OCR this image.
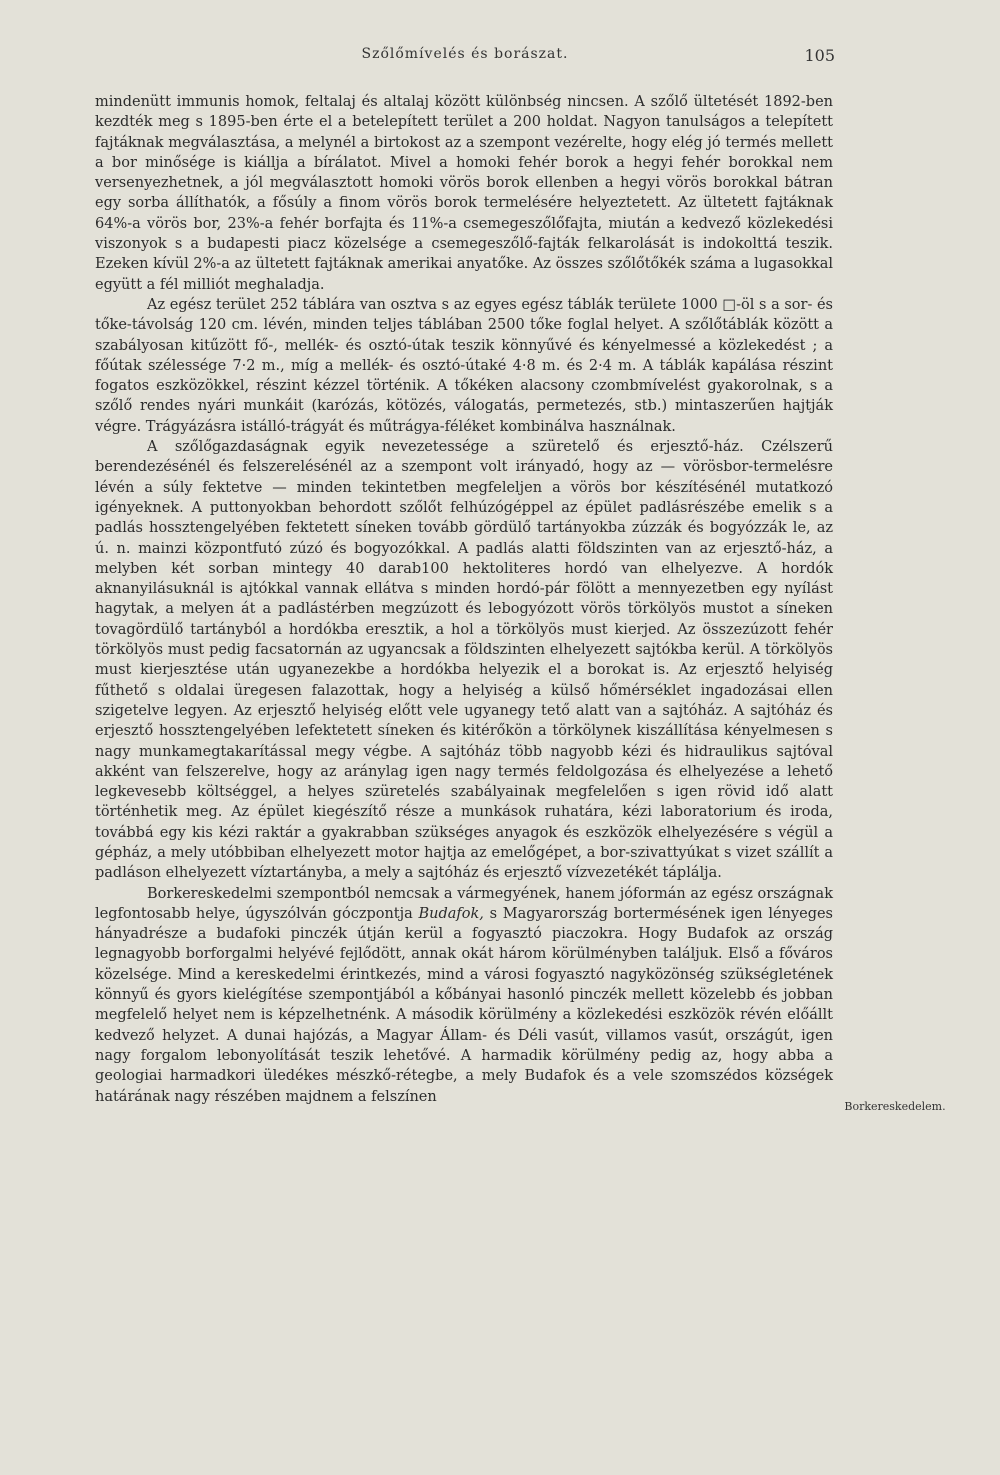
Szőlőmívelés és borászat.	105

mindenütt immunis homok, feltalaj és altalaj között különbség nincsen. A szőlő ültetését 1892-ben kezdték meg s 1895-ben érte el a betelepített terület a 200 holdat. Nagyon tanulságos a telepített fajtáknak megválasztása, a melynél a birtokost az a szempont vezérelte, hogy elég jó termés mellett a bor minősége is kiállja a bírálatot. Mivel a homoki fehér borok a hegyi fehér borokkal nem versenyezhetnek, a jól megválasztott homoki vörös borok ellenben a hegyi vörös borokkal bátran egy sorba állíthatók, a fősúly a finom vörös borok termelésére helyeztetett. Az ültetett fajtáknak 64%-a vörös bor, 23%-a fehér borfajta és 11%-a csemegeszőlőfajta, miután a kedvező közlekedési viszonyok s a budapesti piacz közelsége a csemegeszőlő-fajták felkarolását is indokolttá teszik. Ezeken kívül 2%-a az ültetett fajtáknak amerikai anyatőke. Az összes szőlőtőkék száma a lugasokkal együtt a fél milliót meghaladja.

Az egész terület 252 táblára van osztva s az egyes egész táblák területe 1000 □-öl s a sor- és tőke-távolság 120 cm. lévén, minden teljes táblában 2500 tőke foglal helyet. A szőlőtáblák között a szabályosan kitűzött fő-, mellék- és osztó-útak teszik könnyűvé és kényelmessé a közlekedést ; a főútak szélessége 7·2 m., míg a mellék- és osztó-útaké 4·8 m. és 2·4 m. A táblák kapálása részint fogatos eszközökkel, részint kézzel történik. A tőkéken alacsony czombmívelést gyakorolnak, s a szőlő rendes nyári munkáit (karózás, kötözés, válogatás, permetezés, stb.) mintaszerűen hajtják végre. Trágyázásra istálló-trágyát és műtrágya-féléket kombinálva használnak.

A szőlőgazdaságnak egyik nevezetessége a szüretelő és erjesztő-ház. Czélszerű berendezésénél és felszerelésénél az a szempont volt irányadó, hogy az — vörösbor-termelésre lévén a súly fektetve — minden tekintetben megfeleljen a vörös bor készítésénél mutatkozó igényeknek. A puttonyokban behordott szőlőt felhúzógéppel az épület padlásrészébe emelik s a padlás hossztengelyében fektetett síneken tovább gördülő tartányokba zúzzák és bogyózzák le, az ú. n. mainzi központfutó zúzó és bogyozókkal. A padlás alatti földszinten van az erjesztő-ház, a melyben két sorban mintegy 40 darab100 hektoliteres hordó van elhelyezve. A hordók aknanyilásuknál is ajtókkal vannak ellátva s minden hordó-pár fölött a mennyezetben egy nyílást hagytak, a melyen át a padlástérben megzúzott és lebogyózott vörös törkölyös mustot a síneken tovagördülő tartányból a hordókba eresztik, a hol a törkölyös must kierjed. Az összezúzott fehér törkölyös must pedig facsatornán az ugyancsak a földszinten elhelyezett sajtókba kerül. A törkölyös must kierjesztése után ugyanezekbe a hordókba helyezik el a borokat is. Az erjesztő helyiség fűthető s oldalai üregesen falazottak, hogy a helyiség a külső hőmérséklet ingadozásai ellen szigetelve legyen. Az erjesztő helyiség előtt vele ugyanegy tető alatt van a sajtóház. A sajtóház és erjesztő hossztengelyében lefektetett síneken és kitérőkön a törkölynek kiszállítása kényelmesen s nagy munkamegtakarítással megy végbe. A sajtóház több nagyobb kézi és hidraulikus sajtóval akként van felszerelve, hogy az aránylag igen nagy termés feldolgozása és elhelyezése a lehető legkevesebb költséggel, a helyes szüretelés szabályainak megfelelően s igen rövid idő alatt történhetik meg. Az épület kiegészítő része a munkások ruhatára, kézi laboratorium és iroda, továbbá egy kis kézi raktár a gyakrabban szükséges anyagok és eszközök elhelyezésére s végül a gépház, a mely utóbbiban elhelyezett motor hajtja az emelőgépet, a bor-szivattyúkat s vizet szállít a padláson elhelyezett víztartányba, a mely a sajtóház és erjesztő vízvezetékét táplálja.

Borkereskedelmi szempontból nemcsak a vármegyének, hanem jóformán az egész országnak legfontosabb helye, úgyszólván góczpontja Budafok, s Magyarország bortermésének igen lényeges hányadrésze a budafoki pinczék útján kerül a fogyasztó piaczokra. Hogy Budafok az ország legnagyobb borforgalmi helyévé fejlődött, annak okát három körülményben találjuk. Első a főváros közelsége. Mind a kereskedelmi érintkezés, mind a városi fogyasztó nagyközönség szükségletének könnyű és gyors kielégítése szempontjából a kőbányai hasonló pinczék mellett közelebb és jobban megfelelő helyet nem is képzelhetnénk. A második körülmény a közlekedési eszközök révén előállt kedvező helyzet. A dunai hajózás, a Magyar Állam- és Déli vasút, villamos vasút, országút, igen nagy forgalom lebonyolítását teszik lehetővé. A harmadik körülmény pedig az, hogy abba a geologiai harmadkori üledékes mészkő-rétegbe, a mely Budafok és a vele szomszédos községek határának nagy részében majdnem a felszínen

Borkereskedelem.
